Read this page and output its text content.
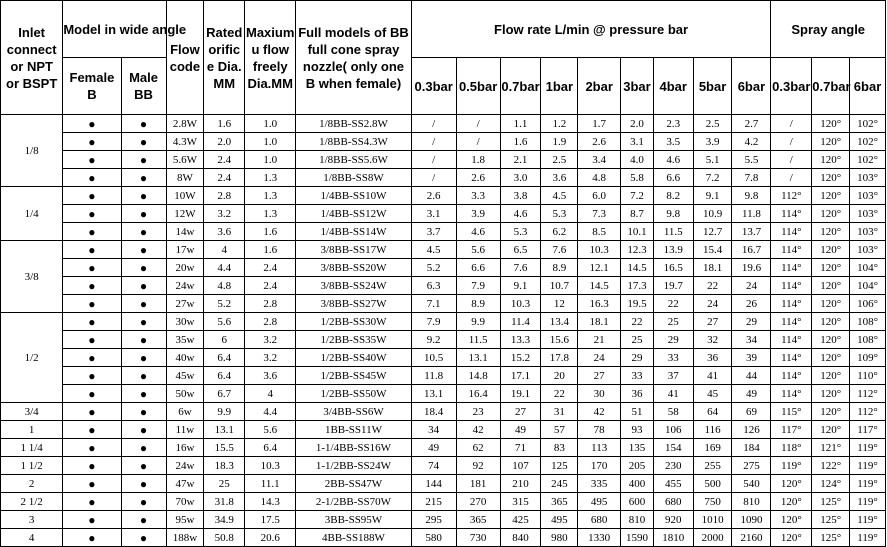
Inlet
connect
or NPT
or BSPT	Model in wide angle		Flow
code	Rated
orific
e Dia.
MM	Maxium
u flow
freely
Dia.MM	Full models of BB
full cone spray
nozzle( only one
B when female)	Flow rate L/min @ pressure bar									Spray angle		
	Female
B	Male
BB					0.3bar	0.5bar	0.7bar	1bar	2bar	3bar	4bar	5bar	6bar	0.3bar	0.7bar	6bar
1/8	●	●	2.8W	1.6	1.0	1/8BB-SS2.8W	/	/	1.1	1.2	1.7	2.0	2.3	2.5	2.7	/	120°	102°
	●	●	4.3W	2.0	1.0	1/8BB-SS4.3W	/	/	1.6	1.9	2.6	3.1	3.5	3.9	4.2	/	120°	102°
	●	●	5.6W	2.4	1.0	1/8BB-SS5.6W	/	1.8	2.1	2.5	3.4	4.0	4.6	5.1	5.5	/	120°	102°
	●	●	8W	2.4	1.3	1/8BB-SS8W	/	2.6	3.0	3.6	4.8	5.8	6.6	7.2	7.8	/	120°	103°
1/4	●	●	10W	2.8	1.3	1/4BB-SS10W	2.6	3.3	3.8	4.5	6.0	7.2	8.2	9.1	9.8	112°	120°	103°
	●	●	12W	3.2	1.3	1/4BB-SS12W	3.1	3.9	4.6	5.3	7.3	8.7	9.8	10.9	11.8	114°	120°	103°
	●	●	14w	3.6	1.6	1/4BB-SS14W	3.7	4.6	5.3	6.2	8.5	10.1	11.5	12.7	13.7	114°	120°	103°
3/8	●	●	17w	4	1.6	3/8BB-SS17W	4.5	5.6	6.5	7.6	10.3	12.3	13.9	15.4	16.7	114°	120°	103°
	●	●	20w	4.4	2.4	3/8BB-SS20W	5.2	6.6	7.6	8.9	12.1	14.5	16.5	18.1	19.6	114°	120°	104°
	●	●	24w	4.8	2.4	3/8BB-SS24W	6.3	7.9	9.1	10.7	14.5	17.3	19.7	22	24	114°	120°	104°
	●	●	27w	5.2	2.8	3/8BB-SS27W	7.1	8.9	10.3	12	16.3	19.5	22	24	26	114°	120°	106°
1/2	●	●	30w	5.6	2.8	1/2BB-SS30W	7.9	9.9	11.4	13.4	18.1	22	25	27	29	114°	120°	108°
	●	●	35w	6	3.2	1/2BB-SS35W	9.2	11.5	13.3	15.6	21	25	29	32	34	114°	120°	108°
	●	●	40w	6.4	3.2	1/2BB-SS40W	10.5	13.1	15.2	17.8	24	29	33	36	39	114°	120°	109°
	●	●	45w	6.4	3.6	1/2BB-SS45W	11.8	14.8	17.1	20	27	33	37	41	44	114°	120°	110°
	●	●	50w	6.7	4	1/2BB-SS50W	13.1	16.4	19.1	22	30	36	41	45	49	114°	120°	112°
3/4	●	●	6w	9.9	4.4	3/4BB-SS6W	18.4	23	27	31	42	51	58	64	69	115°	120°	112°
1	●	●	11w	13.1	5.6	1BB-SS11W	34	42	49	57	78	93	106	116	126	117°	120°	117°
1 1/4	●	●	16w	15.5	6.4	1-1/4BB-SS16W	49	62	71	83	113	135	154	169	184	118°	121°	119°
1 1/2	●	●	24w	18.3	10.3	1-1/2BB-SS24W	74	92	107	125	170	205	230	255	275	119°	122°	119°
2	●	●	47w	25	11.1	2BB-SS47W	144	181	210	245	335	400	455	500	540	120°	124°	119°
2 1/2	●	●	70w	31.8	14.3	2-1/2BB-SS70W	215	270	315	365	495	600	680	750	810	120°	125°	119°
3	●	●	95w	34.9	17.5	3BB-SS95W	295	365	425	495	680	810	920	1010	1090	120°	125°	119°
4	●	●	188w	50.8	20.6	4BB-SS188W	580	730	840	980	1330	1590	1810	2000	2160	120°	125°	119°
